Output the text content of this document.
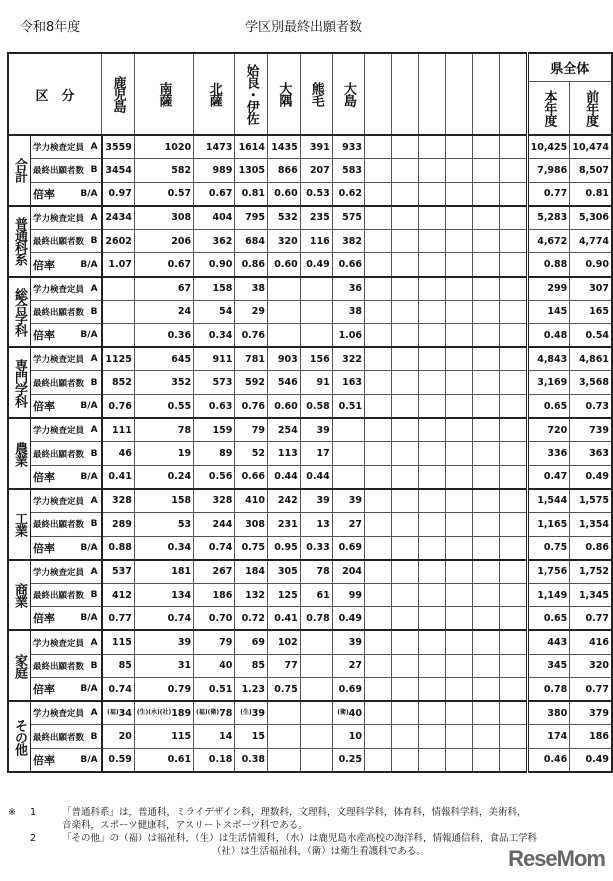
令和8年度	学区別最終出願者数
区　分		鹿児島	南薩	北薩	姶良・伊佐	大隅	熊毛	大島							県全体	
															本年度	前年度
合計	学力検査定員 A	3559	1020	1473	1614	1435	391	933							10,425	10,474
	最終出願者数 B	3454	582	989	1305	866	207	583							7,986	8,507
	倍率 B/A	0.97	0.57	0.67	0.81	0.60	0.53	0.62							0.77	0.81
普通科系	学力検査定員 A	2434	308	404	795	532	235	575							5,283	5,306
	最終出願者数 B	2602	206	362	684	320	116	382							4,672	4,774
	倍率 B/A	1.07	0.67	0.90	0.86	0.60	0.49	0.66							0.88	0.90
総合学科	学力検査定員 A		67	158	38			36							299	307
	最終出願者数 B		24	54	29			38							145	165
	倍率 B/A		0.36	0.34	0.76			1.06							0.48	0.54
専門学科	学力検査定員 A	1125	645	911	781	903	156	322							4,843	4,861
	最終出願者数 B	852	352	573	592	546	91	163							3,169	3,568
	倍率 B/A	0.76	0.55	0.63	0.76	0.60	0.58	0.51							0.65	0.73
農業	学力検査定員 A	111	78	159	79	254	39								720	739
	最終出願者数 B	46	19	89	52	113	17								336	363
	倍率 B/A	0.41	0.24	0.56	0.66	0.44	0.44								0.47	0.49
工業	学力検査定員 A	328	158	328	410	242	39	39							1,544	1,575
	最終出願者数 B	289	53	244	308	231	13	27							1,165	1,354
	倍率 B/A	0.88	0.34	0.74	0.75	0.95	0.33	0.69							0.75	0.86
商業	学力検査定員 A	537	181	267	184	305	78	204							1,756	1,752
	最終出願者数 B	412	134	186	132	125	61	99							1,149	1,345
	倍率 B/A	0.77	0.74	0.70	0.72	0.41	0.78	0.49							0.65	0.77
家庭	学力検査定員 A	115	39	79	69	102		39							443	416
	最終出願者数 B	85	31	40	85	77		27							345	320
	倍率 B/A	0.74	0.79	0.51	1.23	0.75		0.69							0.78	0.77
その他	学力検査定員 A	(福)34	(生)(水)(社)189	(福)(衛)78	(生)39			(衛)40							380	379
	最終出願者数 B	20	115	14	15			10							174	186
	倍率 B/A	0.59	0.61	0.18	0.38			0.25							0.46	0.49
※	1	「普通科系」は，普通科，ミライデザイン科，理数科，文理科，文理科学科，体育科，情報科学科，美術科，
音楽科，スポーツ健康科，アスリートスポーツ科である。
2	「その他」の（福）は福祉科，（生）は生活情報科，（水）は鹿児島水産高校の海洋科，情報通信科，食品工学科
（社）は生活福祉科，（衛）は衛生看護科である。	ReseMom
